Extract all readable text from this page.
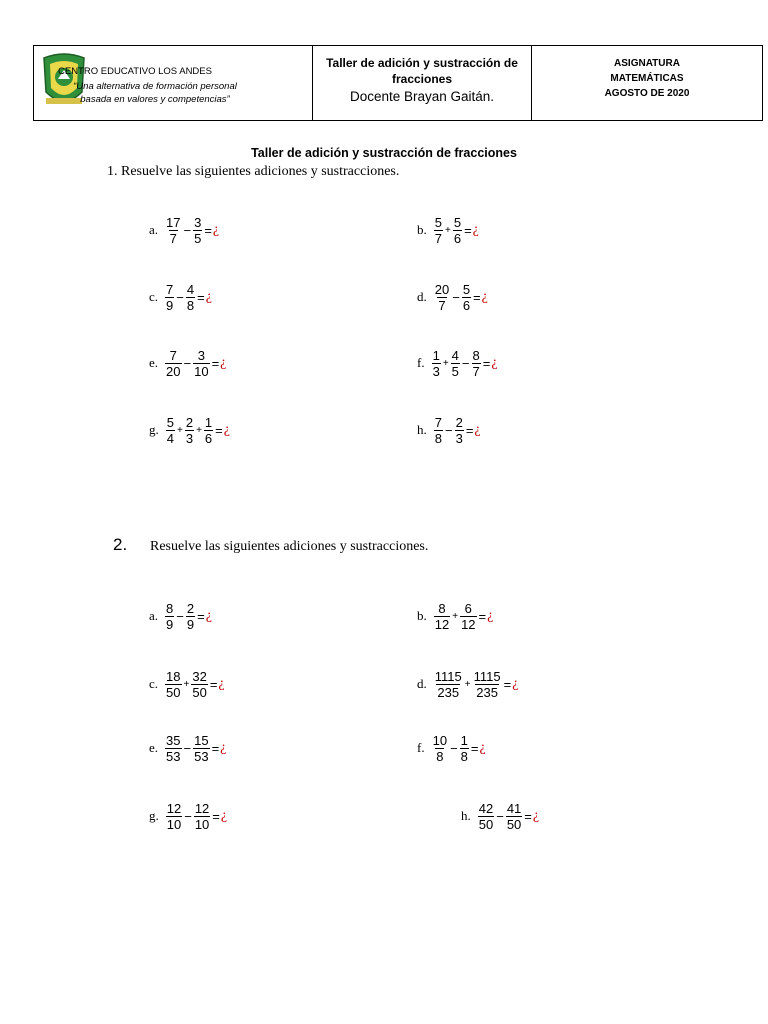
CENTRO EDUCATIVO LOS ANDES
“Una alternativa de formación personal
basada en valores y competencias”
Taller de adición y sustracción de fracciones
Docente Brayan Gaitán.
ASIGNATURA
MATEMÁTICAS
AGOSTO DE 2020
Taller de adición y sustracción de fracciones
1. Resuelve las siguientes adiciones y sustracciones.
2. Resuelve las siguientes adiciones y sustracciones.
a. $\frac{17}{7} - \frac{3}{5}$ = ¿	b. $\frac{5}{7} + \frac{5}{6}$ = ¿
c. $\frac{7}{9} - \frac{4}{8}$ = ¿	d. $\frac{20}{7} - \frac{5}{6}$ = ¿
e. $\frac{7}{20} - \frac{3}{10}$ = ¿	f. $\frac{1}{3} + \frac{4}{5} - \frac{8}{7}$ = ¿
g. $\frac{5}{4} + \frac{2}{3} + \frac{1}{6}$ = ¿	h. $\frac{7}{8} - \frac{2}{3}$ = ¿
a. $\frac{8}{9} - \frac{2}{9}$ = ¿	b. $\frac{8}{12} + \frac{6}{12}$ = ¿
c. $\frac{18}{50} + \frac{32}{50}$ = ¿	d. $\frac{1115}{235} + \frac{1115}{235}$ = ¿
e. $\frac{35}{53} - \frac{15}{53}$ = ¿	f. $\frac{10}{8} - \frac{1}{8}$ = ¿
g. $\frac{12}{10} - \frac{12}{10}$ = ¿	h. $\frac{42}{50} - \frac{41}{50}$ = ¿
